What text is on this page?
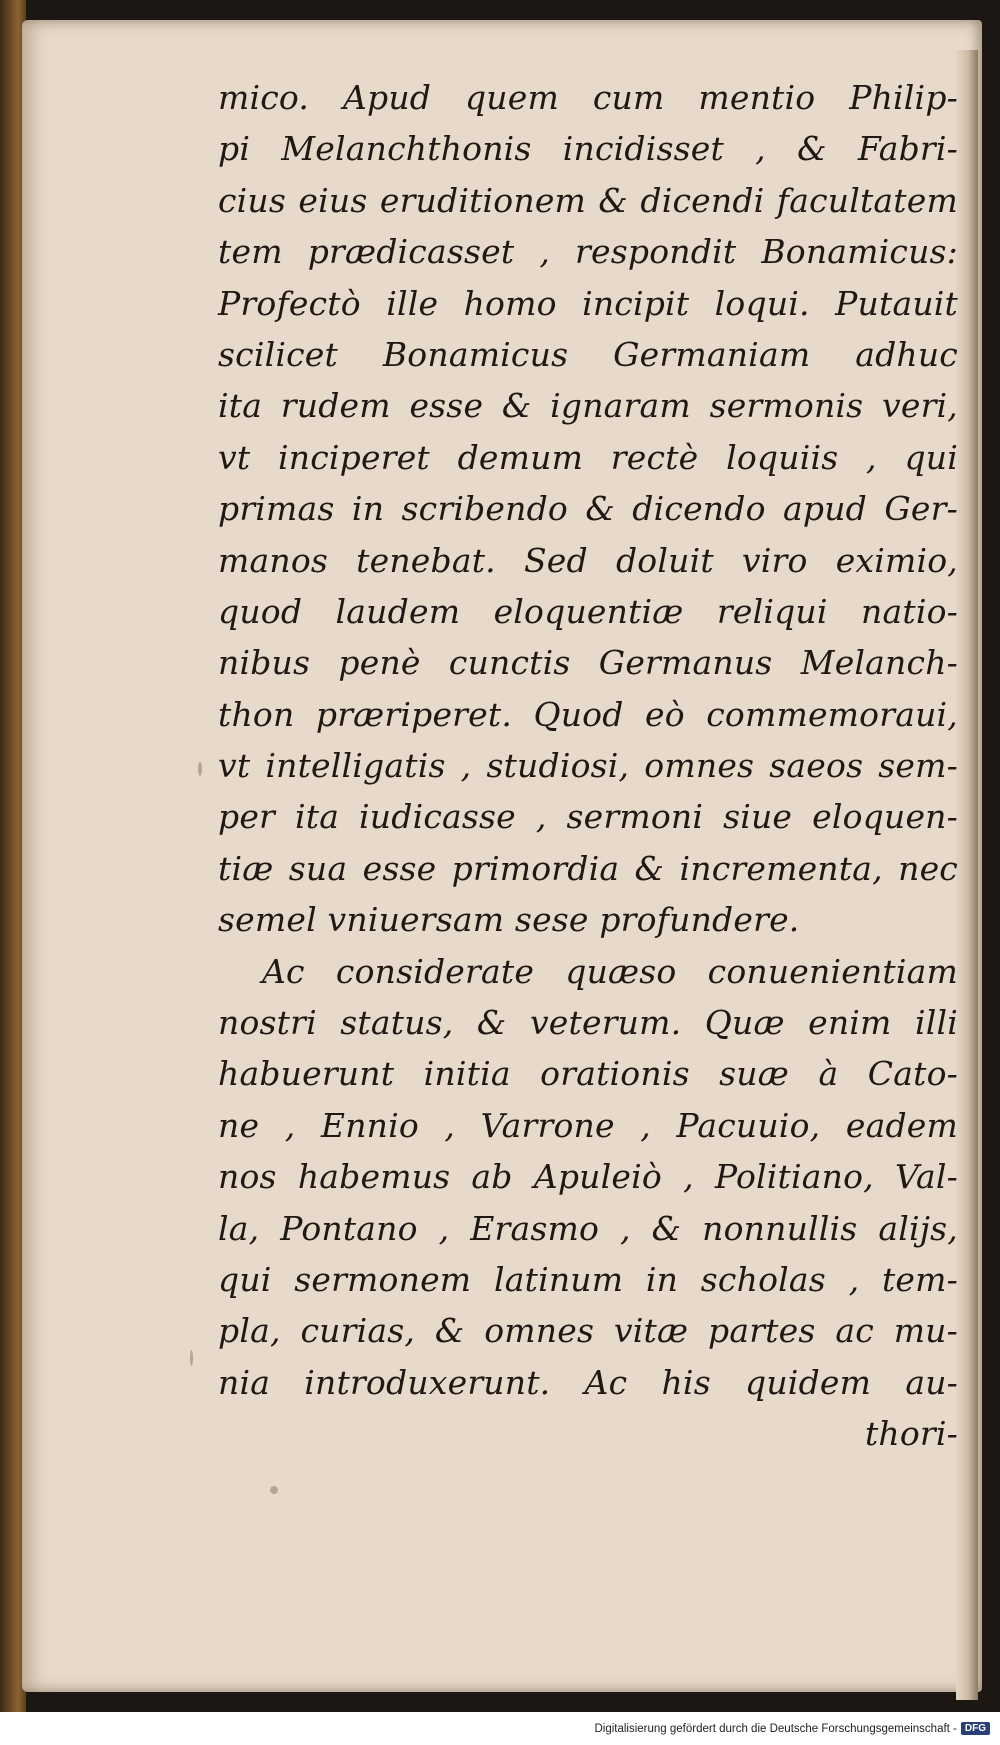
mico. Apud quem cum mentio Philip-
pi Melanchthonis incidisset , & Fabri-
cius eius eruditionem & dicendi facultatem
tem prædicasset , respondit Bonamicus:
Profectò ille homo incipit loqui. Putauit
scilicet Bonamicus Germaniam adhuc
ita rudem esse & ignaram sermonis veri,
vt inciperet demum rectè loquiis , qui
primas in scribendo & dicendo apud Ger-
manos tenebat. Sed doluit viro eximio,
quod laudem eloquentiæ reliqui natio-
nibus penè cunctis Germanus Melanch-
thon præriperet. Quod eò commemoraui,
vt intelligatis , studiosi, omnes saeos sem-
per ita iudicasse , sermoni siue eloquen-
tiæ sua esse primordia & incrementa, nec
semel vniuersam sese profundere.
Ac considerate quæso conuenientiam
nostri status, & veterum. Quæ enim illi
habuerunt initia orationis suæ à Cato-
ne , Ennio , Varrone , Pacuuio, eadem
nos habemus ab Apuleiò , Politiano, Val-
la, Pontano , Erasmo , & nonnullis alijs,
qui sermonem latinum in scholas , tem-
pla, curias, & omnes vitæ partes ac mu-
nia introduxerunt. Ac his quidem au-
thori-
Digitalisierung gefördert durch die Deutsche Forschungsgemeinschaft - DFG
